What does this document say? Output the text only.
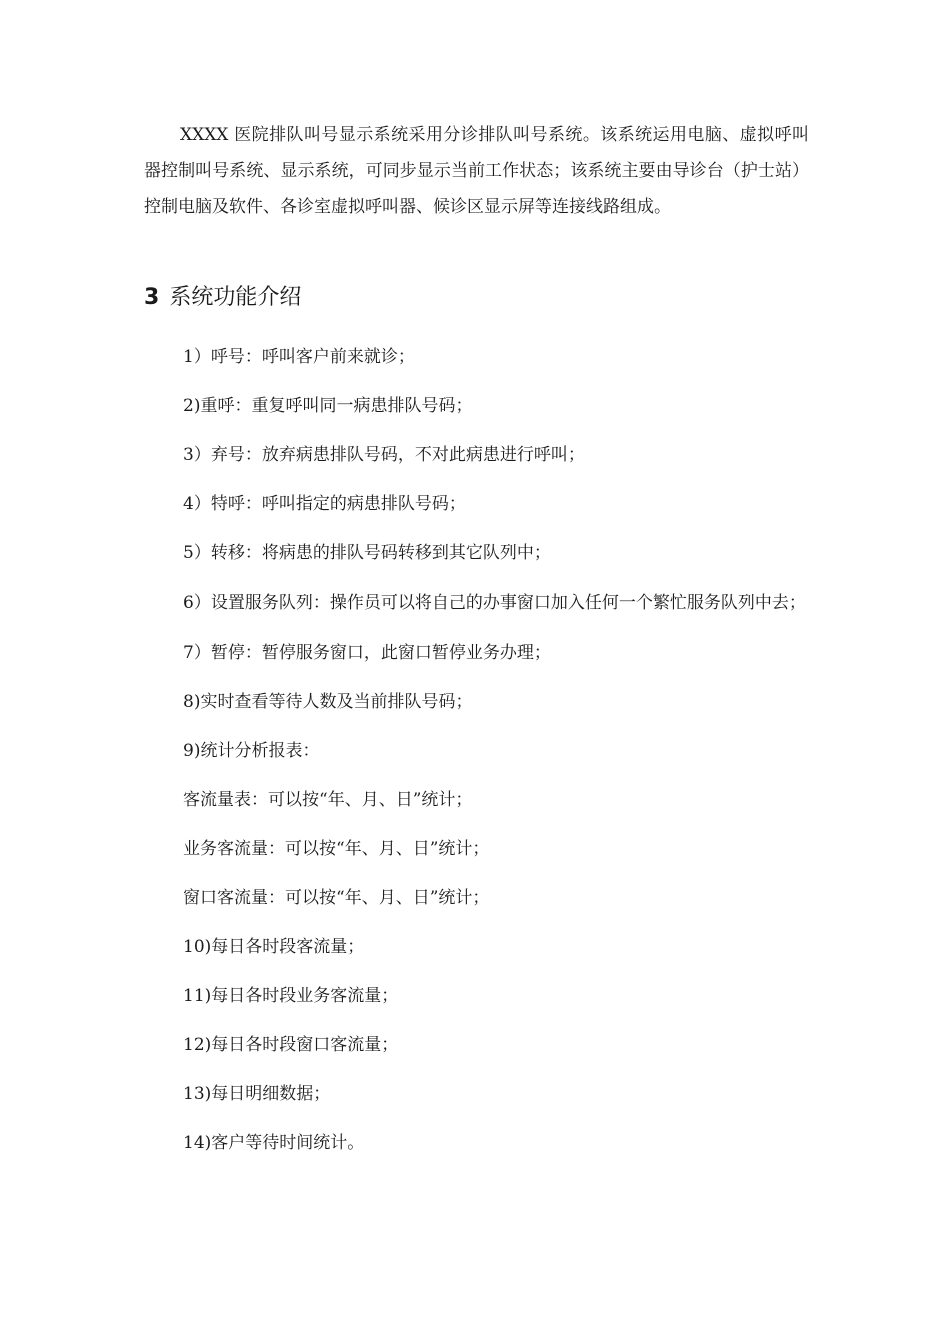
XXXX 医院排队叫号显示系统采用分诊排队叫号系统。该系统运用电脑、虚拟呼叫器控制叫号系统、显示系统，可同步显示当前工作状态；该系统主要由导诊台（护士站）控制电脑及软件、各诊室虚拟呼叫器、候诊区显示屏等连接线路组成。

3 系统功能介绍
1）呼号：呼叫客户前来就诊；
2)重呼：重复呼叫同一病患排队号码；
3）弃号：放弃病患排队号码，不对此病患进行呼叫；
4）特呼：呼叫指定的病患排队号码；
5）转移：将病患的排队号码转移到其它队列中；
6）设置服务队列：操作员可以将自己的办事窗口加入任何一个繁忙服务队列中去；
7）暂停：暂停服务窗口，此窗口暂停业务办理；
8)实时查看等待人数及当前排队号码；
9)统计分析报表：
客流量表：可以按“年、月、日”统计；
业务客流量：可以按“年、月、日”统计；
窗口客流量：可以按“年、月、日”统计；
10)每日各时段客流量；
11)每日各时段业务客流量；
12)每日各时段窗口客流量；
13)每日明细数据；
14)客户等待时间统计。
